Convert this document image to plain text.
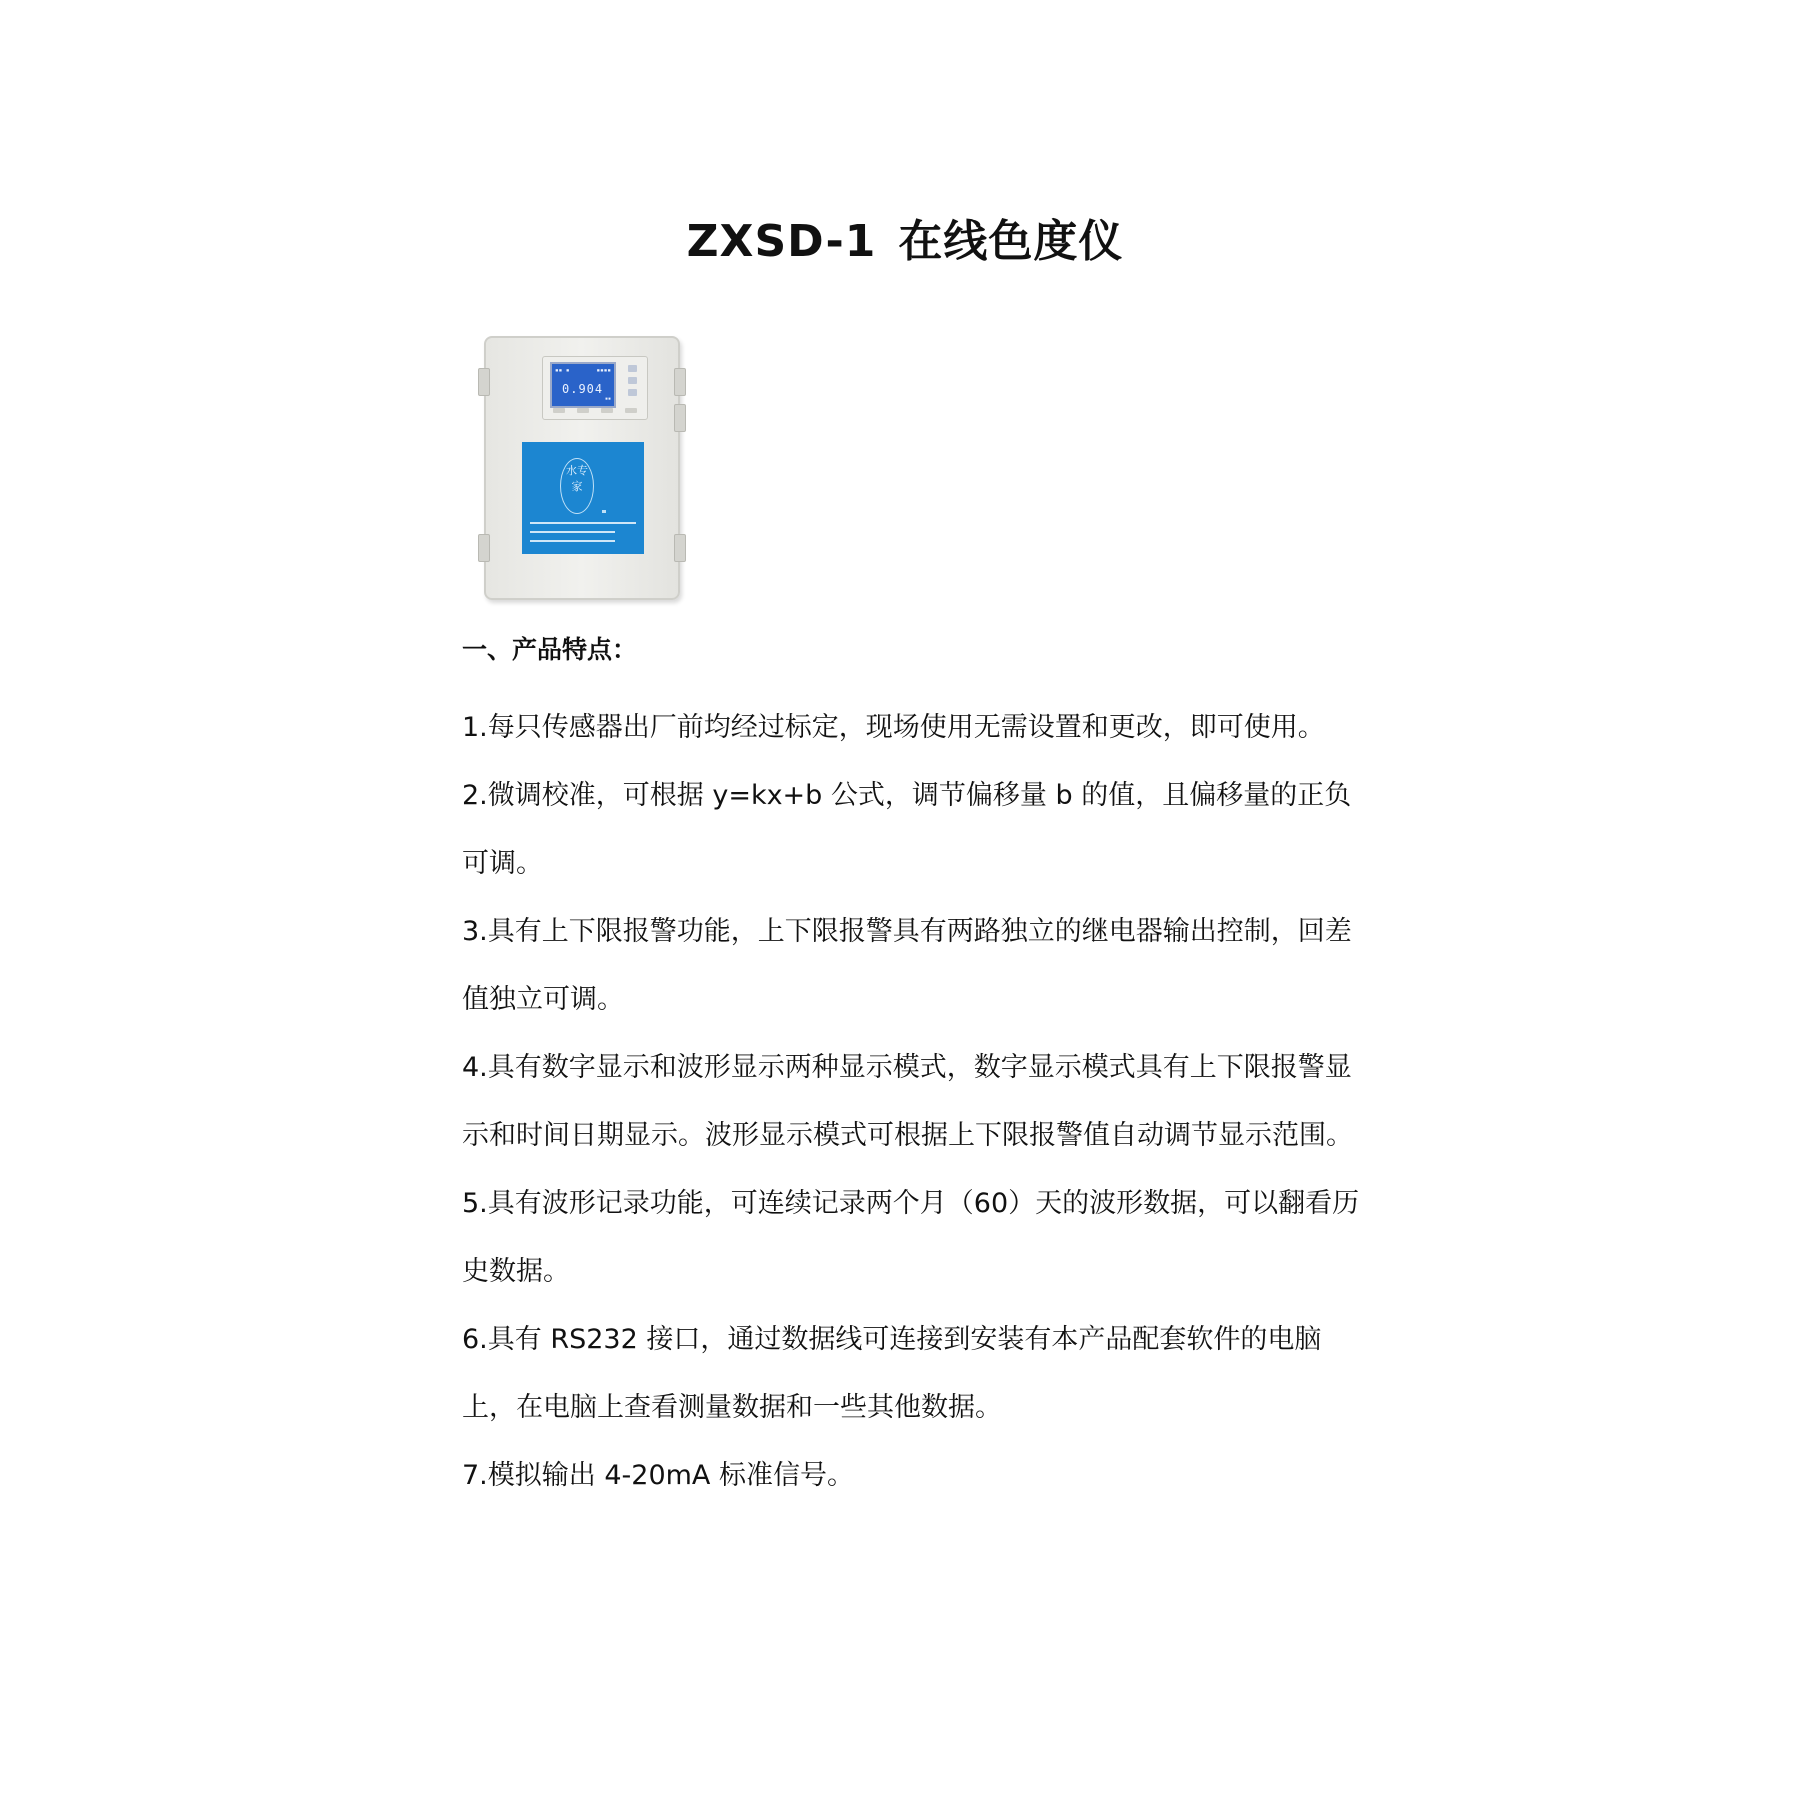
ZXSD-1 在线色度仪
▪▪ ▪	▪▪▪▪
0.904
▪▪
水专家
一、产品特点：

1.每只传感器出厂前均经过标定，现场使用无需设置和更改，即可使用。

2.微调校准，可根据 y=kx+b 公式，调节偏移量 b 的值，且偏移量的正负可调。

3.具有上下限报警功能，上下限报警具有两路独立的继电器输出控制，回差值独立可调。

4.具有数字显示和波形显示两种显示模式，数字显示模式具有上下限报警显示和时间日期显示。波形显示模式可根据上下限报警值自动调节显示范围。

5.具有波形记录功能，可连续记录两个月（60）天的波形数据，可以翻看历史数据。

6.具有 RS232 接口，通过数据线可连接到安装有本产品配套软件的电脑上，在电脑上查看测量数据和一些其他数据。

7.模拟输出 4-20mA 标准信号。
